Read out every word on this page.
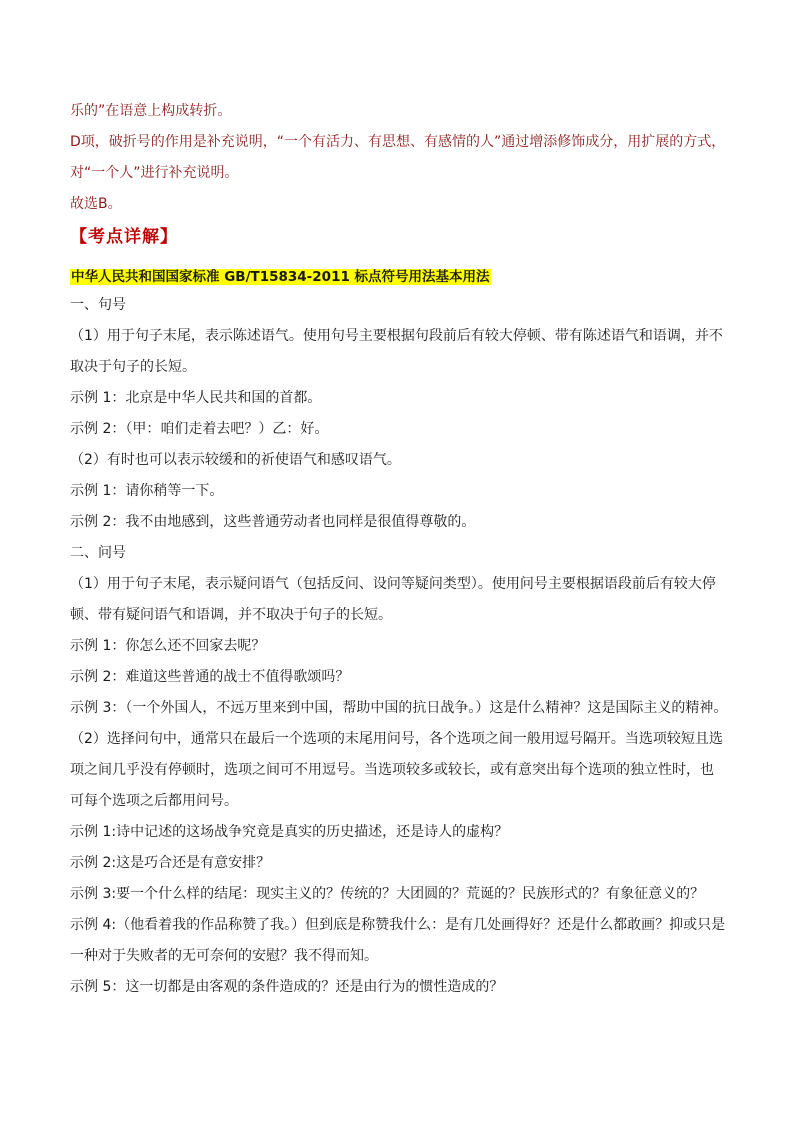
乐的”在语意上构成转折。
D项，破折号的作用是补充说明，“一个有活力、有思想、有感情的人”通过增添修饰成分，用扩展的方式，
对“一个人”进行补充说明。
故选B。
【考点详解】
中华人民共和国国家标准 GB/T15834-2011 标点符号用法基本用法
一、句号
（1）用于句子末尾，表示陈述语气。使用句号主要根据句段前后有较大停顿、带有陈述语气和语调，并不取决于句子的长短。
示例 1：北京是中华人民共和国的首都。
示例 2：（甲：咱们走着去吧？）乙：好。
（2）有时也可以表示较缓和的祈使语气和感叹语气。
示例 1：请你稍等一下。
示例 2：我不由地感到，这些普通劳动者也同样是很值得尊敬的。
二、问号
（1）用于句子末尾，表示疑问语气（包括反问、设问等疑问类型）。使用问号主要根据语段前后有较大停顿、带有疑问语气和语调，并不取决于句子的长短。
示例 1：你怎么还不回家去呢？
示例 2：难道这些普通的战士不值得歌颂吗？
示例 3：（一个外国人，不远万里来到中国，帮助中国的抗日战争。）这是什么精神？这是国际主义的精神。
（2）选择问句中，通常只在最后一个选项的末尾用问号，各个选项之间一般用逗号隔开。当选项较短且选项之间几乎没有停顿时，选项之间可不用逗号。当选项较多或较长，或有意突出每个选项的独立性时，也可每个选项之后都用问号。
示例 1:诗中记述的这场战争究竟是真实的历史描述，还是诗人的虚构？
示例 2:这是巧合还是有意安排？
示例 3:要一个什么样的结尾：现实主义的？传统的？大团圆的？荒诞的？民族形式的？有象征意义的？
示例 4:（他看着我的作品称赞了我。）但到底是称赞我什么：是有几处画得好？还是什么都敢画？抑或只是一种对于失败者的无可奈何的安慰？我不得而知。
示例 5：这一切都是由客观的条件造成的？还是由行为的惯性造成的？
